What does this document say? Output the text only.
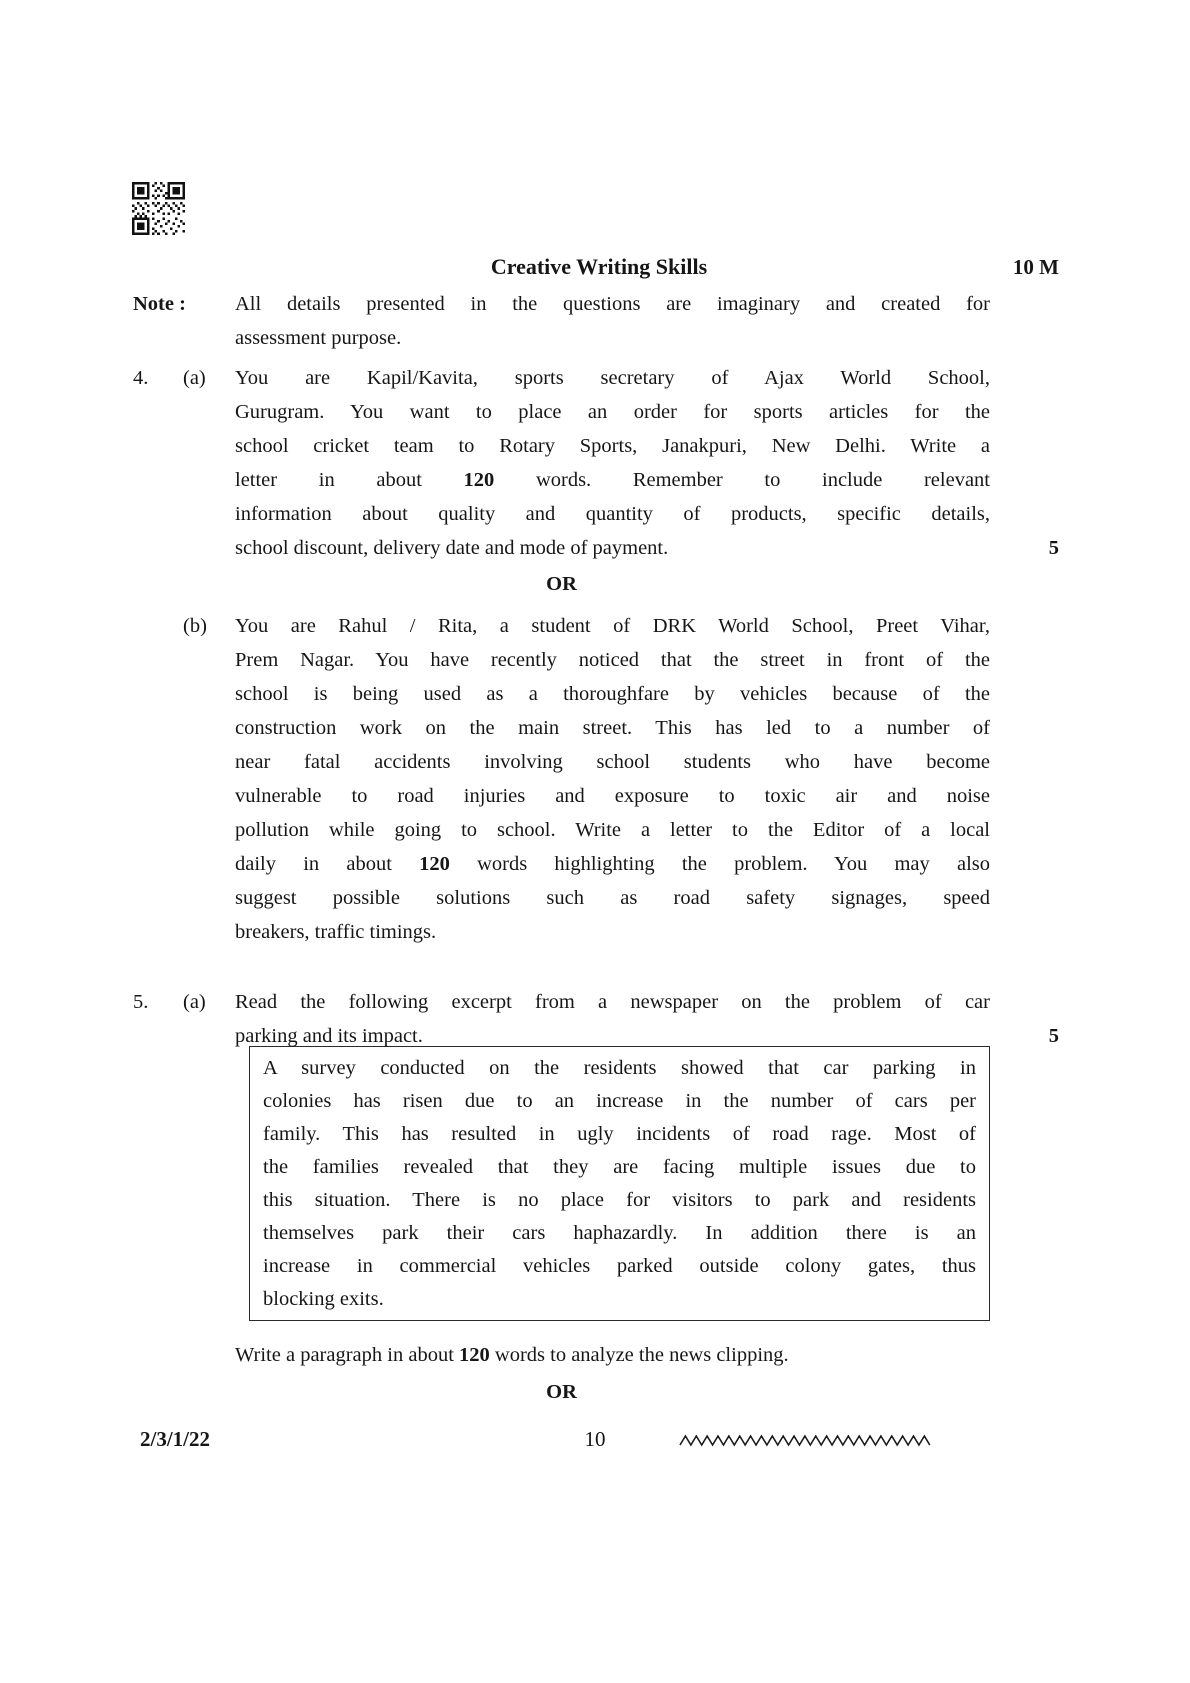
Creative Writing Skills	10 M
Note :	All details presented in the questions are imaginary and created for
assessment purpose.
4.	(a)	You are Kapil/Kavita, sports secretary of Ajax World School,
Gurugram. You want to place an order for sports articles for the
school cricket team to Rotary Sports, Janakpuri, New Delhi. Write a
letter in about 120 words. Remember to include relevant
information about quality and quantity of products, specific details,
school discount, delivery date and mode of payment.	5
OR
(b)	You are Rahul / Rita, a student of DRK World School, Preet Vihar,
Prem Nagar. You have recently noticed that the street in front of the
school is being used as a thoroughfare by vehicles because of the
construction work on the main street. This has led to a number of
near fatal accidents involving school students who have become
vulnerable to road injuries and exposure to toxic air and noise
pollution while going to school. Write a letter to the Editor of a local
daily in about 120 words highlighting the problem. You may also
suggest possible solutions such as road safety signages, speed
breakers, traffic timings.
5.	(a)	Read the following excerpt from a newspaper on the problem of car
parking and its impact.	5
A survey conducted on the residents showed that car parking in
colonies has risen due to an increase in the number of cars per
family. This has resulted in ugly incidents of road rage. Most of
the families revealed that they are facing multiple issues due to
this situation. There is no place for visitors to park and residents
themselves park their cars haphazardly. In addition there is an
increase in commercial vehicles parked outside colony gates, thus
blocking exits.
Write a paragraph in about 120 words to analyze the news clipping.
OR
2/3/1/22	10
